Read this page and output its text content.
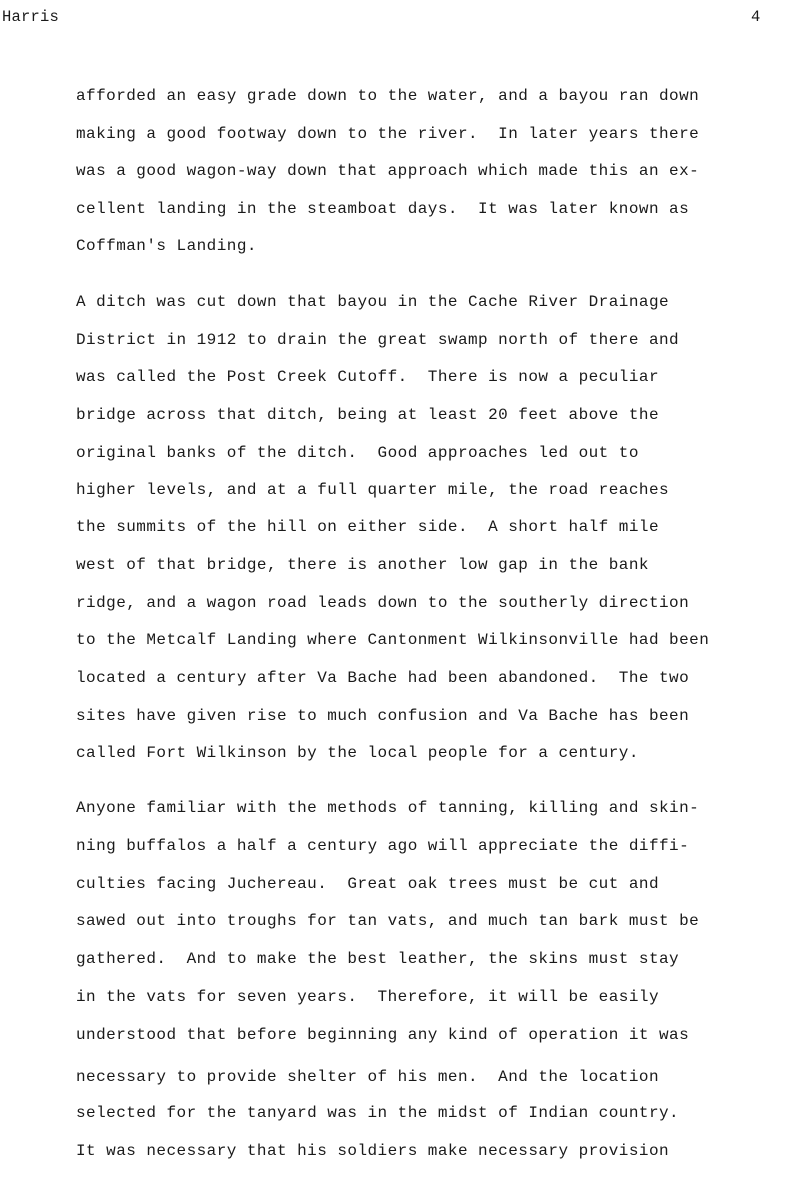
Harris	4
afforded an easy grade down to the water, and a bayou ran down
making a good footway down to the river.  In later years there
was a good wagon-way down that approach which made this an ex-
cellent landing in the steamboat days.  It was later known as
Coffman's Landing.
A ditch was cut down that bayou in the Cache River Drainage
District in 1912 to drain the great swamp north of there and
was called the Post Creek Cutoff.  There is now a peculiar
bridge across that ditch, being at least 20 feet above the
original banks of the ditch.  Good approaches led out to
higher levels, and at a full quarter mile, the road reaches
the summits of the hill on either side.  A short half mile
west of that bridge, there is another low gap in the bank
ridge, and a wagon road leads down to the southerly direction
to the Metcalf Landing where Cantonment Wilkinsonville had been
located a century after Va Bache had been abandoned.  The two
sites have given rise to much confusion and Va Bache has been
called Fort Wilkinson by the local people for a century.
Anyone familiar with the methods of tanning, killing and skin-
ning buffalos a half a century ago will appreciate the diffi-
culties facing Juchereau.  Great oak trees must be cut and
sawed out into troughs for tan vats, and much tan bark must be
gathered.  And to make the best leather, the skins must stay
in the vats for seven years.  Therefore, it will be easily
understood that before beginning any kind of operation it was
necessary to provide shelter of his men.  And the location
selected for the tanyard was in the midst of Indian country.
It was necessary that his soldiers make necessary provision
